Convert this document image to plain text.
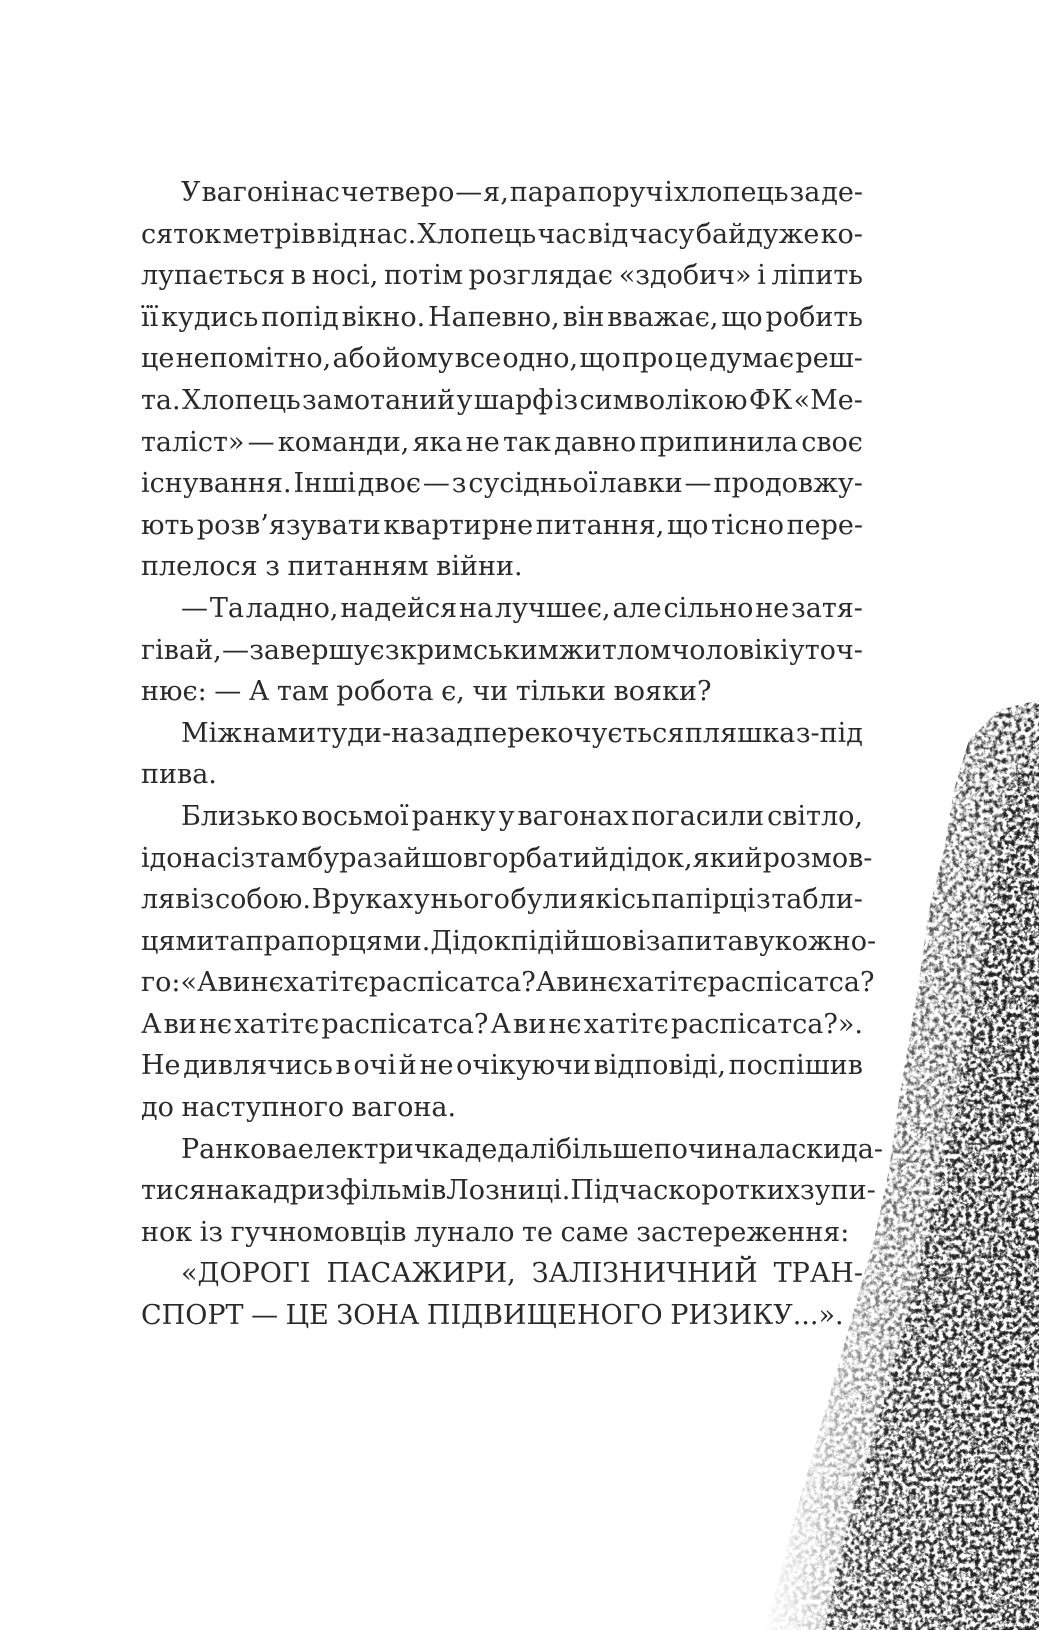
У вагоні нас четверо — я, пара поруч і хлопець за де-
сяток метрів від нас. Хлопець час від часу байдуже ко-
лупається в носі, потім розглядає «здобич» і ліпить
її кудись попід вікно. Напевно, він вважає, що робить
це непомітно, або йому все одно, що про це думає реш-
та. Хлопець замотаний у шарф із символікою ФК «Ме-
таліст» — команди, яка не так давно припинила своє
існування. Інші двоє — з сусідньої лавки — продовжу-
ють розв’язувати квартирне питання, що тісно пере-
плелося з питанням війни.
— Та ладно, надейся на лучшеє, але сільно не затя-
гівай, — завершує з кримським житлом чоловік і уточ-
нює: — А там робота є, чи тільки вояки?
Між нами туди-назад перекочується пляшка з-під
пива.
Близько восьмої ранку у вагонах погасили світло,
і до нас із тамбура зайшов горбатий дідок, який розмов-
ляв із собою. В руках у нього були якісь папірці з табли-
цями та прапорцями. Дідок підійшов і запитав у кожно-
го: «А ви нє хатітє распісатса? А ви нє хатітє распісатса?
А ви нє хатітє распісатса? А ви нє хатітє распісатса?».
Не дивлячись в очі й не очікуючи відповіді, поспішив
до наступного вагона.
Ранкова електричка дедалі більше починала скида-
тися на кадри з фільмів Лозниці. Під час коротких зупи-
нок із гучномовців лунало те саме застереження:
«ДОРОГІ ПАСАЖИРИ, ЗАЛІЗНИЧНИЙ ТРАН-
СПОРТ — ЦЕ ЗОНА ПІДВИЩЕНОГО РИЗИКУ...».
